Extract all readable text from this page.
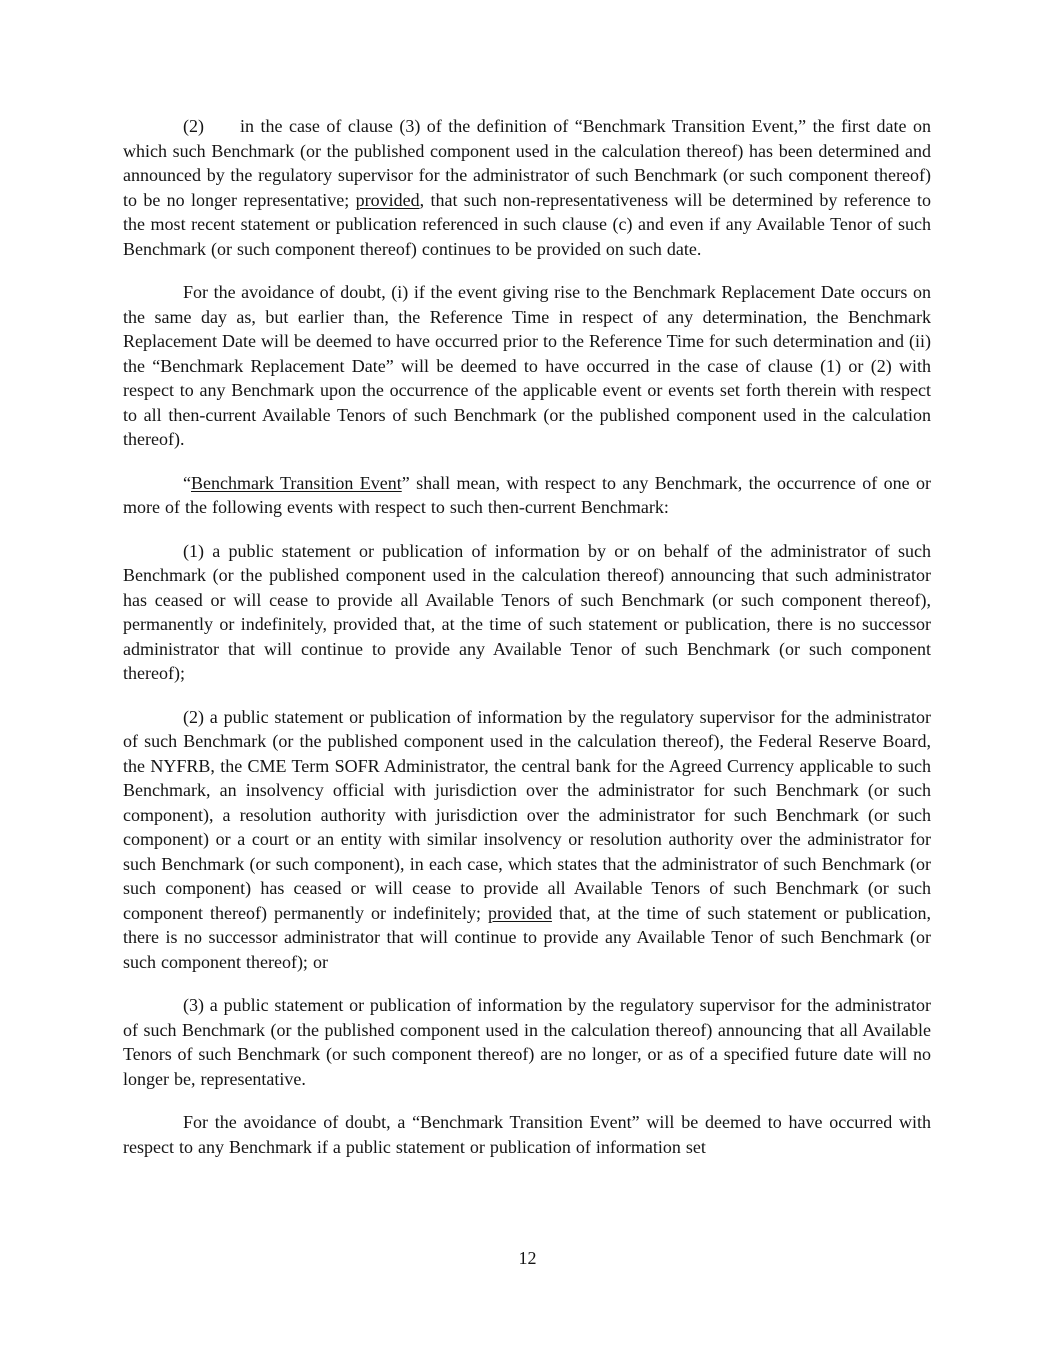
(2) in the case of clause (3) of the definition of “Benchmark Transition Event,” the first date on which such Benchmark (or the published component used in the calculation thereof) has been determined and announced by the regulatory supervisor for the administrator of such Benchmark (or such component thereof) to be no longer representative; provided, that such non-representativeness will be determined by reference to the most recent statement or publication referenced in such clause (c) and even if any Available Tenor of such Benchmark (or such component thereof) continues to be provided on such date.

For the avoidance of doubt, (i) if the event giving rise to the Benchmark Replacement Date occurs on the same day as, but earlier than, the Reference Time in respect of any determination, the Benchmark Replacement Date will be deemed to have occurred prior to the Reference Time for such determination and (ii) the “Benchmark Replacement Date” will be deemed to have occurred in the case of clause (1) or (2) with respect to any Benchmark upon the occurrence of the applicable event or events set forth therein with respect to all then-current Available Tenors of such Benchmark (or the published component used in the calculation thereof).

“Benchmark Transition Event” shall mean, with respect to any Benchmark, the occurrence of one or more of the following events with respect to such then-current Benchmark:

(1) a public statement or publication of information by or on behalf of the administrator of such Benchmark (or the published component used in the calculation thereof) announcing that such administrator has ceased or will cease to provide all Available Tenors of such Benchmark (or such component thereof), permanently or indefinitely, provided that, at the time of such statement or publication, there is no successor administrator that will continue to provide any Available Tenor of such Benchmark (or such component thereof);

(2) a public statement or publication of information by the regulatory supervisor for the administrator of such Benchmark (or the published component used in the calculation thereof), the Federal Reserve Board, the NYFRB, the CME Term SOFR Administrator, the central bank for the Agreed Currency applicable to such Benchmark, an insolvency official with jurisdiction over the administrator for such Benchmark (or such component), a resolution authority with jurisdiction over the administrator for such Benchmark (or such component) or a court or an entity with similar insolvency or resolution authority over the administrator for such Benchmark (or such component), in each case, which states that the administrator of such Benchmark (or such component) has ceased or will cease to provide all Available Tenors of such Benchmark (or such component thereof) permanently or indefinitely; provided that, at the time of such statement or publication, there is no successor administrator that will continue to provide any Available Tenor of such Benchmark (or such component thereof); or

(3) a public statement or publication of information by the regulatory supervisor for the administrator of such Benchmark (or the published component used in the calculation thereof) announcing that all Available Tenors of such Benchmark (or such component thereof) are no longer, or as of a specified future date will no longer be, representative.

For the avoidance of doubt, a “Benchmark Transition Event” will be deemed to have occurred with respect to any Benchmark if a public statement or publication of information set

12
